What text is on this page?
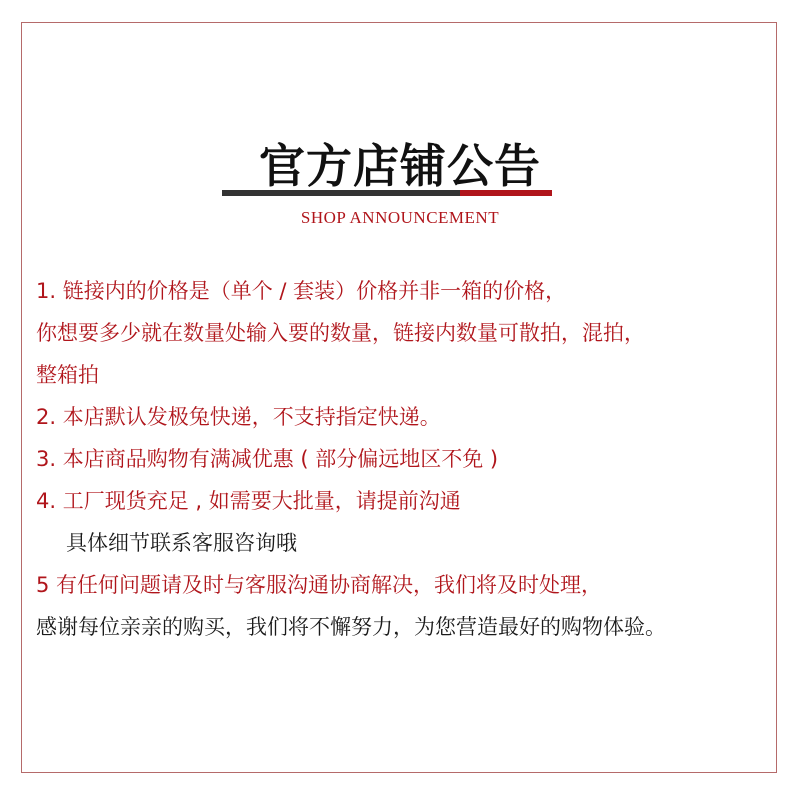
官方店铺公告
SHOP ANNOUNCEMENT
1. 链接内的价格是（单个 / 套装）价格并非一箱的价格，
你想要多少就在数量处输入要的数量，链接内数量可散拍，混拍，
整箱拍
2. 本店默认发极兔快递，不支持指定快递。
3. 本店商品购物有满减优惠 ( 部分偏远地区不免 )
4. 工厂现货充足 , 如需要大批量，请提前沟通
具体细节联系客服咨询哦
5 有任何问题请及时与客服沟通协商解决，我们将及时处理，
感谢每位亲亲的购买，我们将不懈努力，为您营造最好的购物体验。
